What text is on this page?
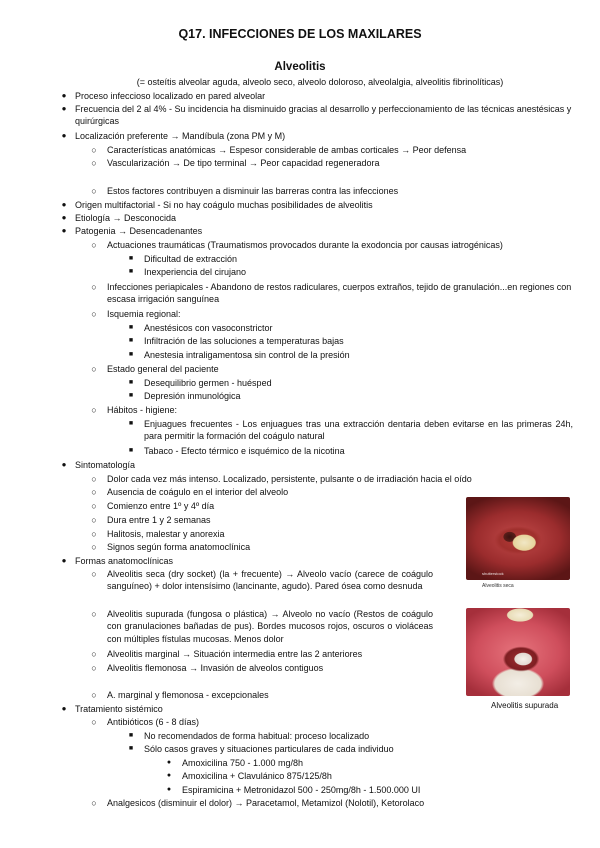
Q17. INFECCIONES DE LOS MAXILARES
Alveolitis

(= osteítis alveolar aguda, alveolo seco, alveolo doloroso, alveolalgia, alveolitis fibrinolíticas)

● Proceso infeccioso localizado en pared alveolar
● Frecuencia del 2 al 4% - Su incidencia ha disminuido gracias al desarrollo y perfeccionamiento de las técnicas anestésicas y quirúrgicas
● Localización preferente → Mandíbula (zona PM y M)
○	Características anatómicas → Espesor considerable de ambas corticales → Peor defensa
○	Vascularización → De tipo terminal → Peor capacidad regeneradora
○	Estos factores contribuyen a disminuir las barreras contra las infecciones
● Origen multifactorial - Si no hay coágulo muchas posibilidades de alveolitis
● Etiología → Desconocida
● Patogenia → Desencadenantes
○	Actuaciones traumáticas (Traumatismos provocados durante la exodoncia por causas iatrogénicas)
■	Dificultad de extracción
■	Inexperiencia del cirujano
○	Infecciones periapicales - Abandono de restos radiculares, cuerpos extraños, tejido de granulación...en regiones con escasa irrigación sanguínea
○	Isquemia regional:
■	Anestésicos con vasoconstrictor
■	Infiltración de las soluciones a temperaturas bajas
■	Anestesia intraligamentosa sin control de la presión
○	Estado general del paciente
■	Desequilibrio germen - huésped
■	Depresión inmunológica
○	Hábitos - higiene:
■	Enjuagues frecuentes - Los enjuagues tras una extracción dentaria deben evitarse en las primeras 24h, para permitir la formación del coágulo natural
■	Tabaco - Efecto térmico e isquémico de la nicotina
● Sintomatología
○	Dolor cada vez más intenso. Localizado, persistente, pulsante o de irradiación hacia el oído
○	Ausencia de coágulo en el interior del alveolo
○	Comienzo entre 1º y 4º día
○	Dura entre 1 y 2 semanas
○	Halitosis, malestar y anorexia
○	Signos según forma anatomoclínica
● Formas anatomoclínicas
○	Alveolitis seca (dry socket) (la + frecuente) → Alveolo vacío (carece de coágulo sanguíneo) + dolor intensísimo (lancinante, agudo). Pared ósea como desnuda
○	Alveolitis supurada (fungosa o plástica) → Alveolo no vacío (Restos de coágulo con granulaciones bañadas de pus). Bordes mucosos rojos, oscuros o violáceas con múltiples fístulas mucosas. Menos dolor
○	Alveolitis marginal → Situación intermedia entre las 2 anteriores
○	Alveolitis flemonosa → Invasión de alveolos contiguos
○	A. marginal y flemonosa - excepcionales
● Tratamiento sistémico
○	Antibióticos (6 - 8 días)
■	No recomendados de forma habitual: proceso localizado
■	Sólo casos graves y situaciones particulares de cada individuo
●	Amoxicilina 750 - 1.000 mg/8h
●	Amoxicilina + Clavulánico 875/125/8h
●	Espiramicina + Metronidazol 500 - 250mg/8h - 1.500.000 UI
○	Analgesicos (disminuir el dolor) → Paracetamol, Metamizol (Nolotil), Ketorolaco
shutterstock
Alveolitis seca
Alveolitis supurada
